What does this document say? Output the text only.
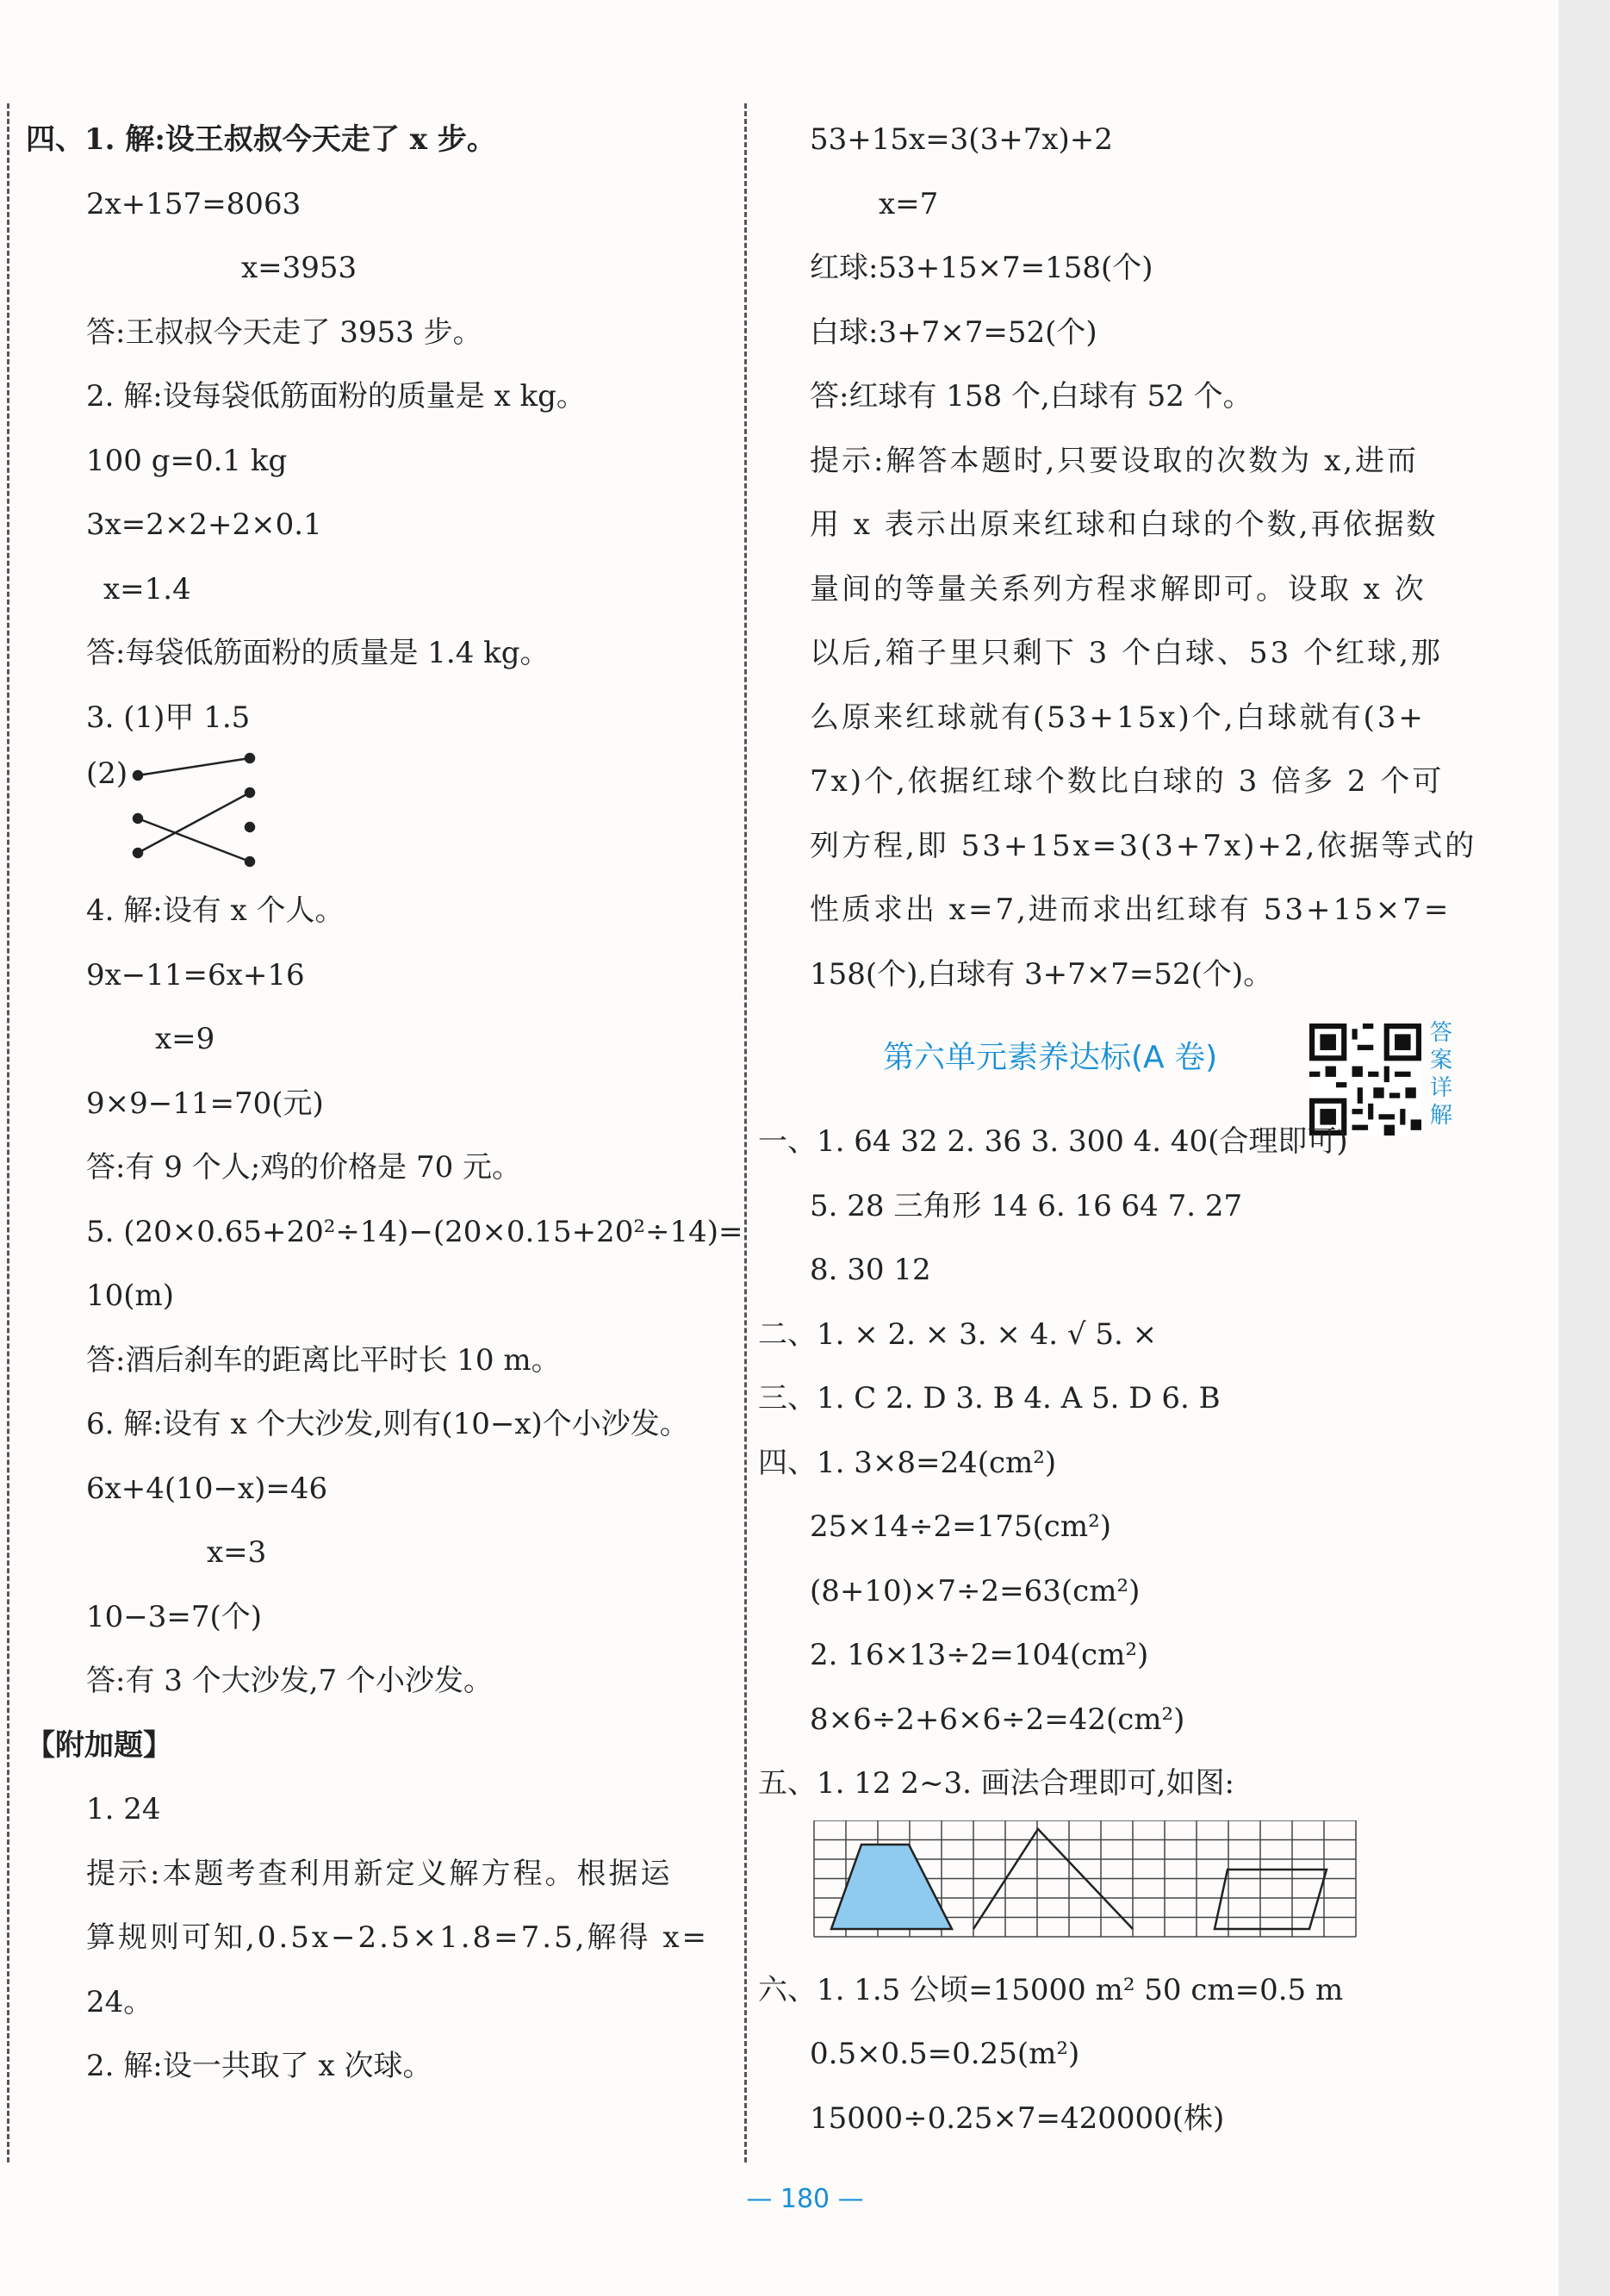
四、1. 解:设王叔叔今天走了 x 步。
2x+157=8063
x=3953
答:王叔叔今天走了 3953 步。
2. 解:设每袋低筋面粉的质量是 x kg。
100 g=0.1 kg
3x=2×2+2×0.1
x=1.4
答:每袋低筋面粉的质量是 1.4 kg。
3. (1)甲 1.5
(2)
4. 解:设有 x 个人。
9x−11=6x+16
x=9
9×9−11=70(元)
答:有 9 个人;鸡的价格是 70 元。
5. (20×0.65+20²÷14)−(20×0.15+20²÷14)=
10(m)
答:酒后刹车的距离比平时长 10 m。
6. 解:设有 x 个大沙发,则有(10−x)个小沙发。
6x+4(10−x)=46
x=3
10−3=7(个)
答:有 3 个大沙发,7 个小沙发。
【附加题】
1. 24
提示:本题考查利用新定义解方程。根据运
算规则可知,0.5x−2.5×1.8=7.5,解得 x=
24。
2. 解:设一共取了 x 次球。
53+15x=3(3+7x)+2
x=7
红球:53+15×7=158(个)
白球:3+7×7=52(个)
答:红球有 158 个,白球有 52 个。
提示:解答本题时,只要设取的次数为 x,进而
用 x 表示出原来红球和白球的个数,再依据数
量间的等量关系列方程求解即可。设取 x 次
以后,箱子里只剩下 3 个白球、53 个红球,那
么原来红球就有(53+15x)个,白球就有(3+
7x)个,依据红球个数比白球的 3 倍多 2 个可
列方程,即 53+15x=3(3+7x)+2,依据等式的
性质求出 x=7,进而求出红球有 53+15×7=
158(个),白球有 3+7×7=52(个)。
第六单元素养达标(A 卷)
答案详解
一、1. 64 32 2. 36 3. 300 4. 40(合理即可)
5. 28 三角形 14 6. 16 64 7. 27
8. 30 12
二、1. × 2. × 3. × 4. √ 5. ×
三、1. C 2. D 3. B 4. A 5. D 6. B
四、1. 3×8=24(cm²)
25×14÷2=175(cm²)
(8+10)×7÷2=63(cm²)
2. 16×13÷2=104(cm²)
8×6÷2+6×6÷2=42(cm²)
五、1. 12 2~3. 画法合理即可,如图:
六、1. 1.5 公顷=15000 m² 50 cm=0.5 m
0.5×0.5=0.25(m²)
15000÷0.25×7=420000(株)
— 180 —
